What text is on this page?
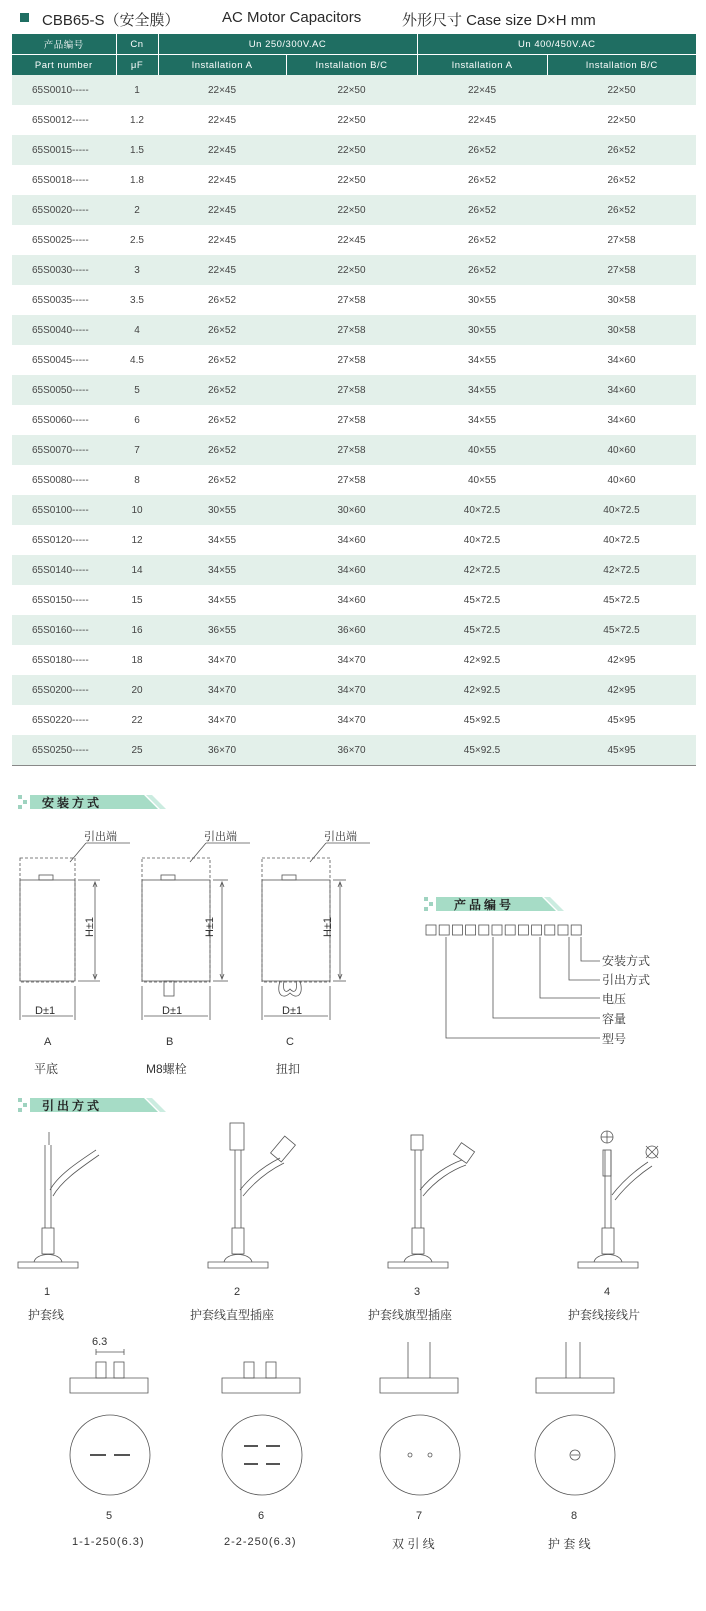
CBB65-S（安全膜）	AC Motor Capacitors	外形尺寸 Case size D×H mm
产品编号	Cn	Un 250/300V.AC		Un 400/450V.AC	
Part number	μF	Installation A	Installation B/C	Installation A	Installation B/C
65S0010-----	1	22×45	22×50	22×45	22×50
65S0012-----	1.2	22×45	22×50	22×45	22×50
65S0015-----	1.5	22×45	22×50	26×52	26×52
65S0018-----	1.8	22×45	22×50	26×52	26×52
65S0020-----	2	22×45	22×50	26×52	26×52
65S0025-----	2.5	22×45	22×45	26×52	27×58
65S0030-----	3	22×45	22×50	26×52	27×58
65S0035-----	3.5	26×52	27×58	30×55	30×58
65S0040-----	4	26×52	27×58	30×55	30×58
65S0045-----	4.5	26×52	27×58	34×55	34×60
65S0050-----	5	26×52	27×58	34×55	34×60
65S0060-----	6	26×52	27×58	34×55	34×60
65S0070-----	7	26×52	27×58	40×55	40×60
65S0080-----	8	26×52	27×58	40×55	40×60
65S0100-----	10	30×55	30×60	40×72.5	40×72.5
65S0120-----	12	34×55	34×60	40×72.5	40×72.5
65S0140-----	14	34×55	34×60	42×72.5	42×72.5
65S0150-----	15	34×55	34×60	45×72.5	45×72.5
65S0160-----	16	36×55	36×60	45×72.5	45×72.5
65S0180-----	18	34×70	34×70	42×92.5	42×95
65S0200-----	20	34×70	34×70	42×92.5	42×95
65S0220-----	22	34×70	34×70	45×92.5	45×95
65S0250-----	25	36×70	36×70	45×92.5	45×95
安装方式
引出端	引出端	引出端
H±1	H±1	H±1
D±1	D±1	D±1
A	B	C
平底	M8螺栓	扭扣
产品编号
安装方式
引出方式
电压
容量
型号
引出方式
6.3
1	2	3	4
护套线	护套线直型插座	护套线旗型插座	护套线接线片
5	6	7	8
1-1-250(6.3)	2-2-250(6.3)	双 引 线	护 套 线
